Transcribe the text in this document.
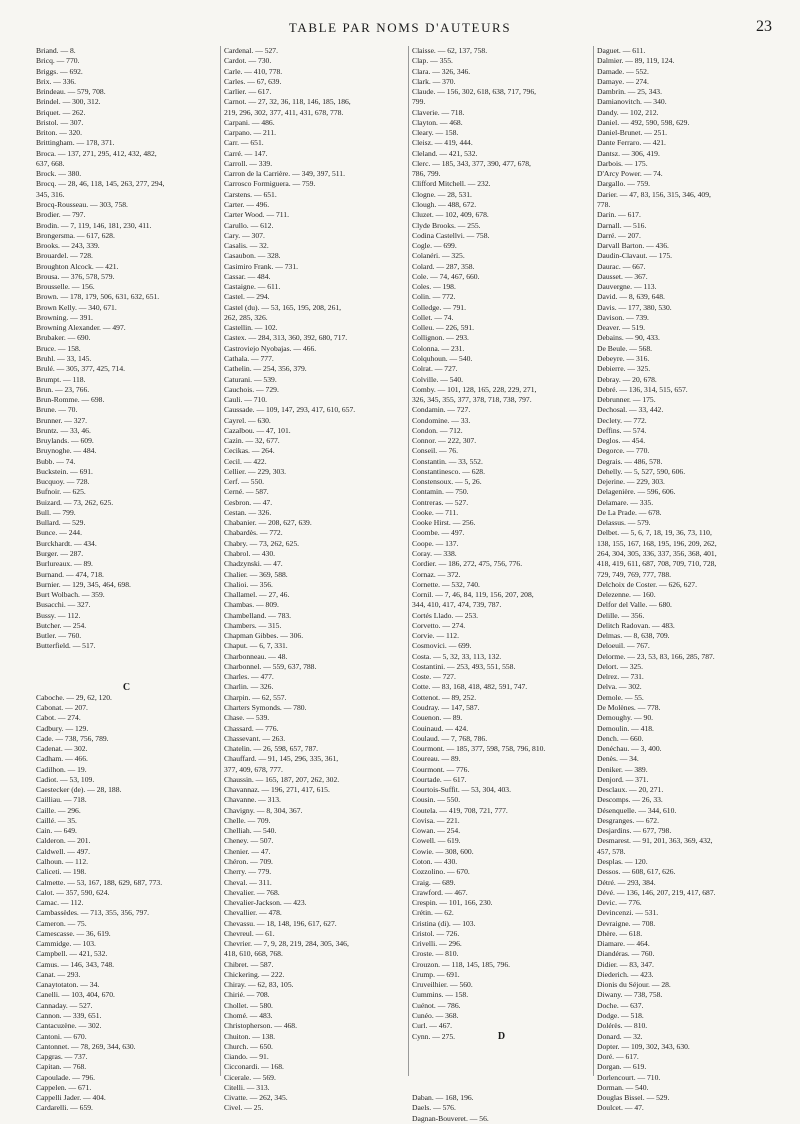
TABLE PAR NOMS D'AUTEURS	23
C
Briand. — 8.
Bricq. — 770.
Briggs. — 692.
Brix. — 336.
Brindeau. — 579, 708.
Brindel. — 300, 312.
Briquet. — 262.
Bristol. — 307.
Briton. — 320.
Brittingham. — 178, 371.
Broca. — 137, 271, 295, 412, 432, 482,
637, 668.
Brock. — 380.
Brocq. — 28, 46, 118, 145, 263, 277, 294,
345, 316.
Brocq-Rousseau. — 303, 758.
Brodier. — 797.
Brodin. — 7, 119, 146, 181, 230, 411.
Brongersma. — 617, 628.
Brooks. — 243, 339.
Brouardel. — 728.
Broughton Alcock. — 421.
Brousa. — 376, 578, 579.
Brousselle. — 156.
Brown. — 178, 179, 506, 631, 632, 651.
Brown Kelly. — 340, 671.
Browning. — 391.
Browning Alexander. — 497.
Brubaker. — 690.
Bruce. — 158.
Bruhl. — 33, 145.
Brulé. — 305, 377, 425, 714.
Brumpt. — 118.
Brun. — 23, 766.
Brun-Romme. — 698.
Brune. — 70.
Brunner. — 327.
Bruntz. — 33, 46.
Bruylands. — 609.
Bruynoghe. — 484.
Bubb. — 74.
Buckstein. — 691.
Bucquoy. — 728.
Bufnoir. — 625.
Buizard. — 73, 262, 625.
Bull. — 799.
Bullard. — 529.
Bunce. — 244.
Burckhardt. — 434.
Burger. — 287.
Burlureaux. — 89.
Burnand. — 474, 718.
Burnier. — 129, 345, 464, 698.
Burt Wolbach. — 359.
Busacchi. — 327.
Bussy. — 112.
Butcher. — 254.
Butler. — 760.
Butterfield. — 517.

Caboche. — 29, 62, 120.
Cabonat. — 207.
Cabot. — 274.
Cadbury. — 129.
Cade. — 738, 756, 789.
Cadenat. — 302.
Cadham. — 466.
Cadilhon. — 19.
Cadiot. — 53, 109.
Caestecker (de). — 28, 188.
Cailliau. — 718.
Caille. — 296.
Caillé. — 35.
Cain. — 649.
Calderon. — 201.
Caldwell. — 497.
Calhoun. — 112.
Caliceti. — 198.
Calmette. — 53, 167, 188, 629, 687, 773.
Calot. — 357, 590, 624.
Camac. — 112.
Cambassèdes. — 713, 355, 356, 797.
Cameron. — 75.
Camescasse. — 36, 619.
Cammidge. — 103.
Campbell. — 421, 532.
Camus. — 146, 343, 748.
Canat. — 293.
Canaytotaton. — 34.
Canelli. — 103, 404, 670.
Cannaday. — 527.
Cannon. — 339, 651.
Cantacuzène. — 302.
Cantoni. — 670.
Cantonnet. — 78, 269, 344, 630.
Capgras. — 737.
Capitan. — 768.
Capoulade. — 796.
Cappelen. — 671.
Cappelli Jader. — 404.
Cardarelli. — 659.
Cardenal. — 527.
Cardot. — 730.
Carle. — 410, 778.
Carles. — 67, 639.
Carlier. — 617.
Carnot. — 27, 32, 36, 118, 146, 185, 186,
219, 296, 302, 377, 411, 431, 678, 778.
Carpani. — 486.
Carpano. — 211.
Carr. — 651.
Carré. — 147.
Carroll. — 339.
Carron de la Carrière. — 349, 397, 511.
Carrosco Formiguera. — 759.
Carstens. — 651.
Carter. — 496.
Carter Wood. — 711.
Carullo. — 612.
Cary. — 307.
Casalis. — 32.
Casaubon. — 328.
Casimiro Frank. — 731.
Cassar. — 484.
Castaigne. — 611.
Castel. — 294.
Castel (du). — 53, 165, 195, 208, 261,
262, 285, 326.
Castellin. — 102.
Castex. — 284, 313, 360, 392, 680, 717.
Castroviejo Nyobajas. — 466.
Cathala. — 777.
Cathelin. — 254, 356, 379.
Caturani. — 539.
Cauchois. — 729.
Cauli. — 710.
Caussade. — 109, 147, 293, 417, 610, 657.
Cayrel. — 630.
Cazalbou. — 47, 101.
Cazin. — 32, 677.
Cecikas. — 264.
Cecil. — 422.
Cellier. — 229, 303.
Cerf. — 550.
Cerné. — 587.
Cesbron. — 47.
Cestan. — 326.
Chabanier. — 208, 627, 639.
Chabardès. — 772.
Chabry. — 73, 262, 625.
Chabrol. — 430.
Chadzynski. — 47.
Chalier. — 369, 588.
Chalioi. — 356.
Challamel. — 27, 46.
Chambas. — 809.
Chambelland. — 783.
Chambers. — 315.
Chapman Gibbes. — 306.
Chaput. — 6, 7, 331.
Charbonneau. — 48.
Charbonnel. — 559, 637, 788.
Charles. — 477.
Charlin. — 326.
Charpin. — 62, 557.
Charters Symonds. — 780.
Chase. — 539.
Chassard. — 776.
Chassevant. — 263.
Chatelin. — 26, 598, 657, 787.
Chauffard. — 91, 145, 296, 335, 361,
377, 409, 678, 777.
Chaussin. — 165, 187, 207, 262, 302.
Chavannaz. — 196, 271, 417, 615.
Chavanne. — 313.
Chavigny. — 8, 304, 367.
Chelle. — 709.
Chelliah. — 540.
Cheney. — 507.
Chenier. — 47.
Chéron. — 709.
Cherry. — 779.
Cheval. — 311.
Chevalier. — 768.
Chevalier-Jackson. — 423.
Chevallier. — 478.
Chevassu. — 18, 148, 196, 617, 627.
Chevreul. — 61.
Chevrier. — 7, 9, 28, 219, 284, 305, 346,
418, 610, 668, 768.
Chibret. — 587.
Chickering. — 222.
Chiray. — 62, 83, 105.
Chirié. — 708.
Chollet. — 580.
Chomé. — 483.
Christopherson. — 468.
Chuiton. — 138.
Church. — 650.
Ciando. — 91.
Cicconardi. — 168.
Cicerale. — 569.
Citelli. — 313.
Civatte. — 262, 345.
Civel. — 25.
D
Claisse. — 62, 137, 758.
Clap. — 355.
Clara. — 326, 346.
Clark. — 370.
Claude. — 156, 302, 618, 638, 717, 796,
799.
Claverie. — 718.
Clayton. — 468.
Cleary. — 158.
Cleisz. — 419, 444.
Cleland. — 421, 532.
Clerc. — 185, 343, 377, 390, 477, 678,
786, 799.
Clifford Mitchell. — 232.
Clogne. — 28, 531.
Clough. — 488, 672.
Cluzet. — 102, 409, 678.
Clyde Brooks. — 255.
Codina Castellvi. — 758.
Cogle. — 699.
Colanéri. — 325.
Colard. — 287, 358.
Cole. — 74, 467, 660.
Coles. — 198.
Colin. — 772.
Colledge. — 791.
Collet. — 74.
Colleu. — 226, 591.
Collignon. — 293.
Colonna. — 231.
Colquhoun. — 540.
Colrat. — 727.
Colville. — 540.
Comby. — 101, 128, 165, 228, 229, 271,
326, 345, 355, 377, 378, 718, 738, 797.
Condamin. — 727.
Condomine. — 33.
Condon. — 712.
Connor. — 222, 307.
Conseil. — 76.
Constantin. — 33, 552.
Constantinesco. — 628.
Constensoux. — 5, 26.
Contamin. — 750.
Contreras. — 527.
Cooke. — 711.
Cooke Hirst. — 256.
Coombe. — 497.
Coope. — 137.
Coray. — 338.
Cordier. — 186, 272, 475, 756, 776.
Cornaz. — 372.
Cornette. — 532, 740.
Cornil. — 7, 46, 84, 119, 156, 207, 208,
344, 410, 417, 474, 739, 787.
Cortés Llado. — 253.
Corvetto. — 274.
Corvie. — 112.
Cosmovici. — 699.
Costa. — 5, 32, 33, 113, 132.
Costantini. — 253, 493, 551, 558.
Coste. — 727.
Cotte. — 83, 168, 418, 482, 591, 747.
Cottenot. — 89, 252.
Coudray. — 147, 587.
Couenon. — 89.
Couinaud. — 424.
Coulaud. — 7, 768, 786.
Courmont. — 185, 377, 598, 758, 796, 810.
Coureau. — 89.
Courmont. — 776.
Courtade. — 617.
Courtois-Suffit. — 53, 304, 403.
Cousin. — 550.
Coutela. — 419, 708, 721, 777.
Covisa. — 221.
Cowan. — 254.
Cowell. — 619.
Cowie. — 308, 600.
Coton. — 430.
Cozzolino. — 670.
Craig. — 689.
Crawford. — 467.
Crespin. — 101, 166, 230.
Crétin. — 62.
Cristina (di). — 103.
Cristol. — 726.
Crivelli. — 296.
Croste. — 810.
Crouzon. — 118, 145, 185, 796.
Crump. — 691.
Cruveilhier. — 560.
Cummins. — 158.
Cuénot. — 786.
Cunéo. — 368.
Curl. — 467.
Cynn. — 275.

Daban. — 168, 196.
Daels. — 576.
Dagnan-Bouveret. — 56.
Daguet. — 611.
Dalmier. — 89, 119, 124.
Damade. — 552.
Damaye. — 274.
Dambrin. — 25, 343.
Damianovitch. — 340.
Dandy. — 102, 212.
Daniel. — 492, 590, 598, 629.
Daniel-Brunet. — 251.
Dante Ferraro. — 421.
Dantsz. — 306, 419.
Darbois. — 175.
D'Arcy Power. — 74.
Dargallo. — 759.
Darier. — 47, 83, 156, 315, 346, 409,
778.
Darin. — 617.
Darnall. — 516.
Darré. — 207.
Darvall Barton. — 436.
Daudin-Clavaut. — 175.
Daurac. — 667.
Dausset. — 367.
Dauvergne. — 113.
David. — 8, 639, 648.
Davis. — 177, 380, 530.
Davison. — 739.
Deaver. — 519.
Debains. — 90, 433.
De Beule. — 568.
Debeyre. — 316.
Debierre. — 325.
Debray. — 20, 678.
Debré. — 136, 314, 515, 657.
Debrunner. — 175.
Dechosal. — 33, 442.
Declety. — 772.
Deffins. — 574.
Deglos. — 454.
Degorce. — 770.
Degrais. — 486, 578.
Dehelly. — 5, 527, 590, 606.
Dejerine. — 229, 303.
Delagenière. — 596, 606.
Delamare. — 335.
De La Prade. — 678.
Delassus. — 579.
Delbet. — 5, 6, 7, 18, 19, 36, 73, 110,
138, 155, 167, 168, 195, 196, 209, 262,
264, 304, 305, 336, 337, 356, 368, 401,
418, 419, 611, 687, 708, 709, 710, 728,
729, 749, 769, 777, 788.
Delchoix de Coster. — 626, 627.
Delezenne. — 160.
Delfor del Valle. — 680.
Delille. — 356.
Delitch Radovan. — 483.
Delmas. — 8, 638, 709.
Deloeuil. — 767.
Delorme. — 23, 53, 83, 166, 285, 787.
Delort. — 325.
Delrez. — 731.
Delva. — 302.
Demole. — 55.
De Molènes. — 778.
Demoughy. — 90.
Demoulin. — 418.
Dench. — 660.
Denéchau. — 3, 400.
Denès. — 34.
Deniker. — 389.
Denjord. — 371.
Desclaux. — 20, 271.
Descomps. — 26, 33.
Désenquelle. — 344, 610.
Desgranges. — 672.
Desjardins. — 677, 798.
Desmarest. — 91, 201, 363, 369, 432,
457, 578.
Desplas. — 120.
Dessos. — 608, 617, 626.
Détré. — 293, 384.
Dévé. — 136, 146, 207, 219, 417, 687.
Devic. — 776.
Devincenzi. — 531.
Devraigne. — 708.
Dhère. — 618.
Diamare. — 464.
Diandéras. — 760.
Didier. — 83, 347.
Diederich. — 423.
Dionis du Séjour. — 28.
Diwany. — 738, 758.
Doche. — 637.
Dodge. — 518.
Dolérès. — 810.
Donard. — 32.
Dopter. — 109, 302, 343, 630.
Doré. — 617.
Dorgan. — 619.
Dorlencourt. — 710.
Dorman. — 540.
Douglas Bissel. — 529.
Doulcet. — 47.
